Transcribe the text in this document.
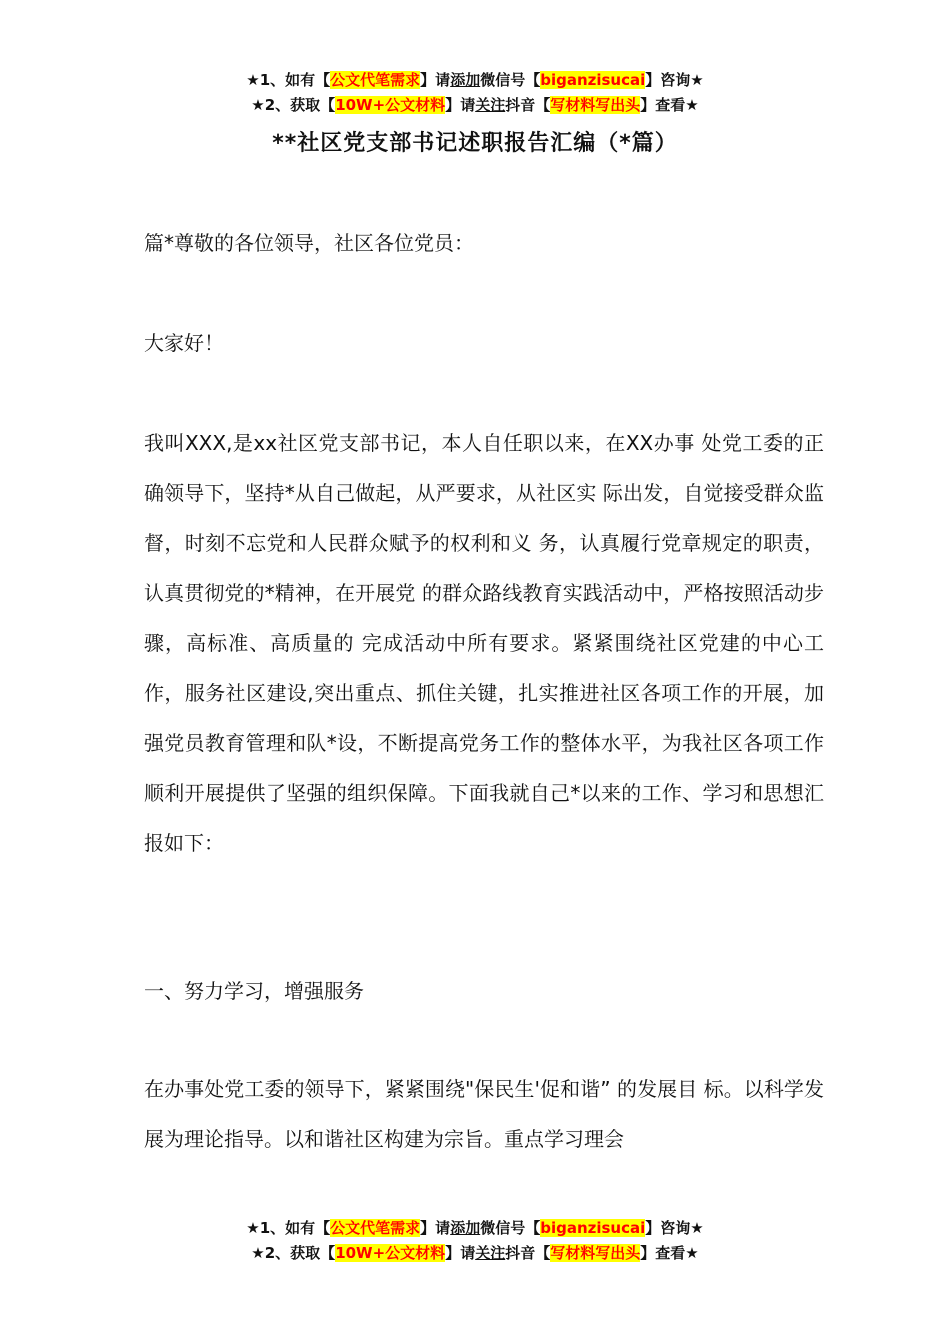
★1、如有【公文代笔需求】请添加微信号【biganzisucai】咨询★
★2、获取【10W+公文材料】请关注抖音【写材料写出头】查看★
**社区党支部书记述职报告汇编（*篇）

篇*尊敬的各位领导，社区各位党员：

大家好！

我叫XXX,是xx社区党支部书记，本人自任职以来，在XX办事 处党工委的正确领导下，坚持*从自己做起，从严要求，从社区实 际出发，自觉接受群众监督，时刻不忘党和人民群众赋予的权利和义 务，认真履行党章规定的职责，认真贯彻党的*精神，在开展党 的群众路线教育实践活动中，严格按照活动步骤，高标准、高质量的 完成活动中所有要求。紧紧围绕社区党建的中心工作，服务社区建设,突出重点、抓住关键，扎实推进社区各项工作的开展，加强党员教育管理和队*设，不断提高党务工作的整体水平，为我社区各项工作顺利开展提供了坚强的组织保障。下面我就自己*以来的工作、学习和思想汇报如下：

一、努力学习，增强服务

在办事处党工委的领导下，紧紧围绕"保民生'促和谐” 的发展目 标。以科学发展为理论指导。以和谐社区构建为宗旨。重点学习理会

★1、如有【公文代笔需求】请添加微信号【biganzisucai】咨询★
★2、获取【10W+公文材料】请关注抖音【写材料写出头】查看★
